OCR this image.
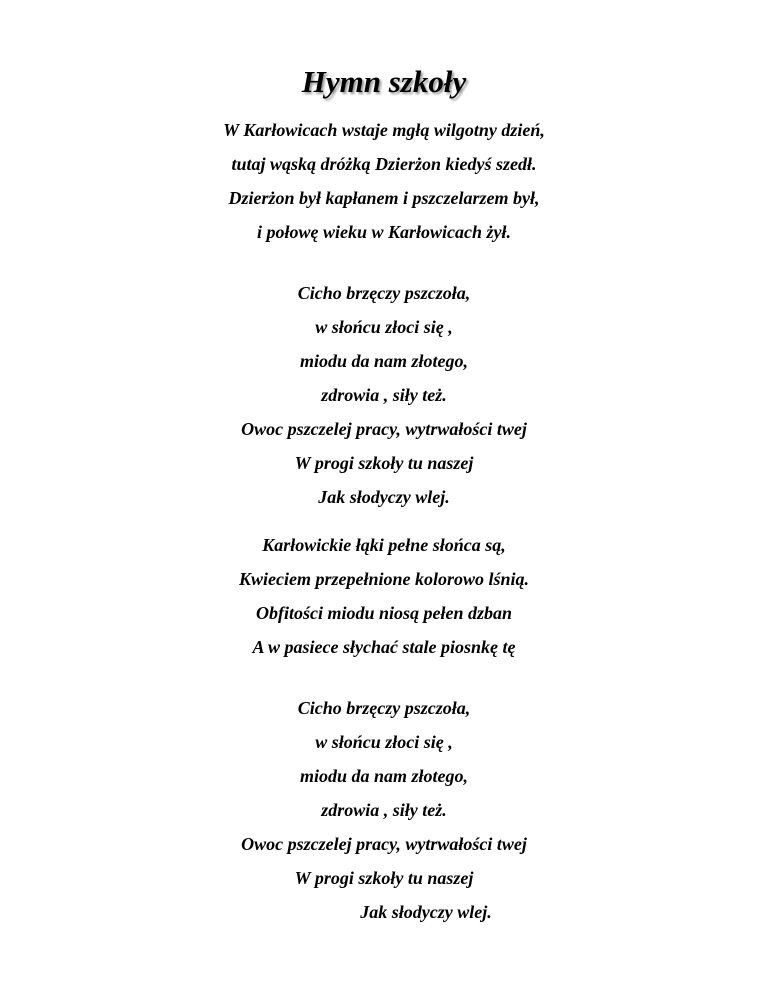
Hymn szkoły
W Karłowicach wstaje mgłą wilgotny dzień,
tutaj wąską dróżką Dzierżon kiedyś szedł.
Dzierżon był kapłanem i pszczelarzem był,
i połowę wieku w Karłowicach żył.
Cicho brzęczy pszczoła,
w słońcu złoci się ,
miodu da nam złotego,
zdrowia , siły też.
Owoc pszczelej pracy, wytrwałości twej
W progi szkoły tu naszej
Jak słodyczy wlej.
Karłowickie łąki pełne słońca są,
Kwieciem przepełnione kolorowo lśnią.
Obfitości miodu niosą pełen dzban
A w pasiece słychać stale piosnkę tę
Cicho brzęczy pszczoła,
w słońcu złoci się ,
miodu da nam złotego,
zdrowia , siły też.
Owoc pszczelej pracy, wytrwałości twej
W progi szkoły tu naszej
Jak słodyczy wlej.
